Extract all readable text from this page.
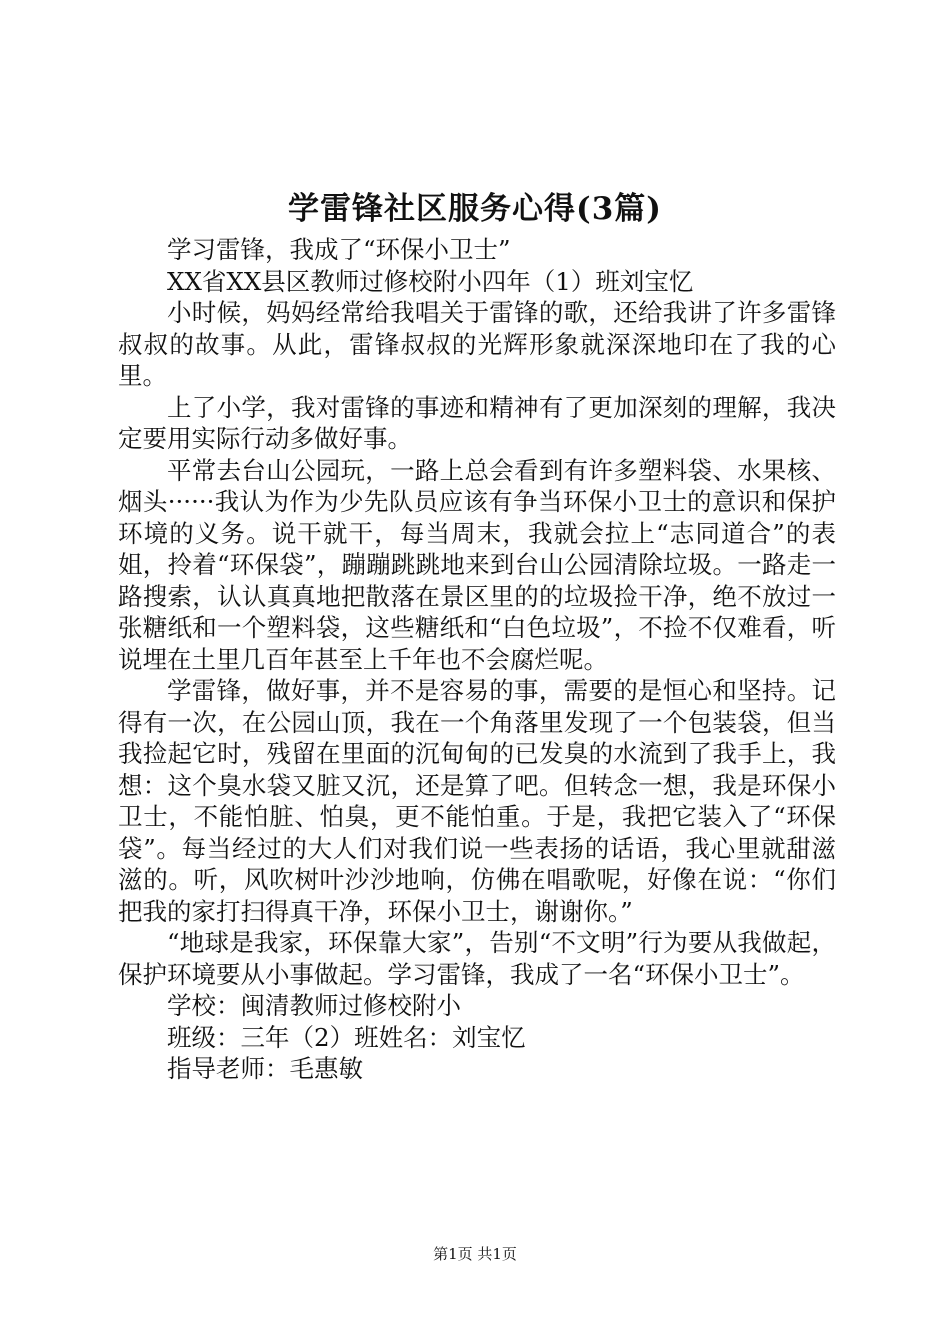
学雷锋社区服务心得(3篇)

学习雷锋，我成了“环保小卫士”

XX省XX县区教师过修校附小四年（1）班刘宝忆

小时候，妈妈经常给我唱关于雷锋的歌，还给我讲了许多雷锋叔叔的故事。从此，雷锋叔叔的光辉形象就深深地印在了我的心里。

上了小学，我对雷锋的事迹和精神有了更加深刻的理解，我决定要用实际行动多做好事。

平常去台山公园玩，一路上总会看到有许多塑料袋、水果核、烟头······我认为作为少先队员应该有争当环保小卫士的意识和保护环境的义务。说干就干，每当周末，我就会拉上“志同道合”的表姐，拎着“环保袋”，蹦蹦跳跳地来到台山公园清除垃圾。一路走一路搜索，认认真真地把散落在景区里的的垃圾捡干净，绝不放过一张糖纸和一个塑料袋，这些糖纸和“白色垃圾”，不捡不仅难看，听说埋在土里几百年甚至上千年也不会腐烂呢。

学雷锋，做好事，并不是容易的事，需要的是恒心和坚持。记得有一次，在公园山顶，我在一个角落里发现了一个包装袋，但当我捡起它时，残留在里面的沉甸甸的已发臭的水流到了我手上，我想：这个臭水袋又脏又沉，还是算了吧。但转念一想，我是环保小卫士，不能怕脏、怕臭，更不能怕重。于是，我把它装入了“环保袋”。每当经过的大人们对我们说一些表扬的话语，我心里就甜滋滋的。听，风吹树叶沙沙地响，仿佛在唱歌呢，好像在说：“你们把我的家打扫得真干净，环保小卫士，谢谢你。”

“地球是我家，环保靠大家”，告别“不文明”行为要从我做起，保护环境要从小事做起。学习雷锋，我成了一名“环保小卫士”。

学校：闽清教师过修校附小

班级：三年（2）班姓名：刘宝忆

指导老师：毛惠敏

第1页 共1页
